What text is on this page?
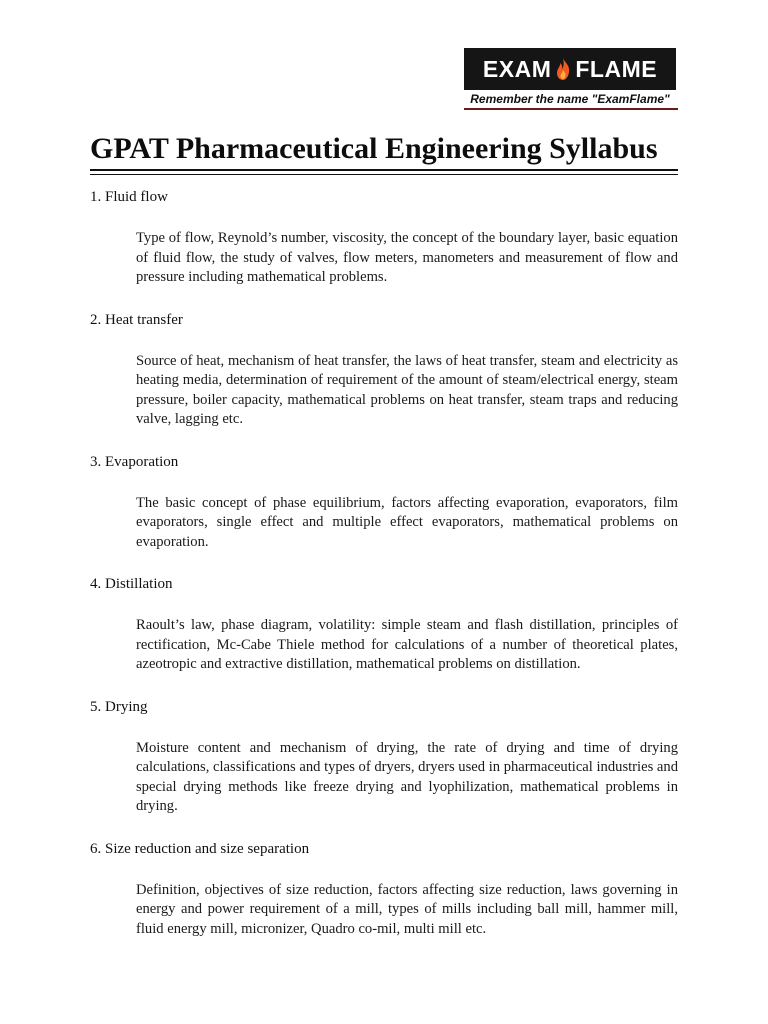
EXAM FLAME
Remember the name "ExamFlame"
GPAT Pharmaceutical Engineering Syllabus
1. Fluid flow

Type of flow, Reynold’s number, viscosity, the concept of the boundary layer, basic equation of fluid flow, the study of valves, flow meters, manometers and measurement of flow and pressure including mathematical problems.

2. Heat transfer

Source of heat, mechanism of heat transfer, the laws of heat transfer, steam and electricity as heating media, determination of requirement of the amount of steam/electrical energy, steam pressure, boiler capacity, mathematical problems on heat transfer, steam traps and reducing valve, lagging etc.

3. Evaporation

The basic concept of phase equilibrium, factors affecting evaporation, evaporators, film evaporators, single effect and multiple effect evaporators, mathematical problems on evaporation.

4. Distillation

Raoult’s law, phase diagram, volatility: simple steam and flash distillation, principles of rectification, Mc-Cabe Thiele method for calculations of a number of theoretical plates, azeotropic and extractive distillation, mathematical problems on distillation.

5. Drying

Moisture content and mechanism of drying, the rate of drying and time of drying calculations, classifications and types of dryers, dryers used in pharmaceutical industries and special drying methods like freeze drying and lyophilization, mathematical problems in drying.

6. Size reduction and size separation

Definition, objectives of size reduction, factors affecting size reduction, laws governing in energy and power requirement of a mill, types of mills including ball mill, hammer mill, fluid energy mill, micronizer, Quadro co-mil, multi mill etc.
